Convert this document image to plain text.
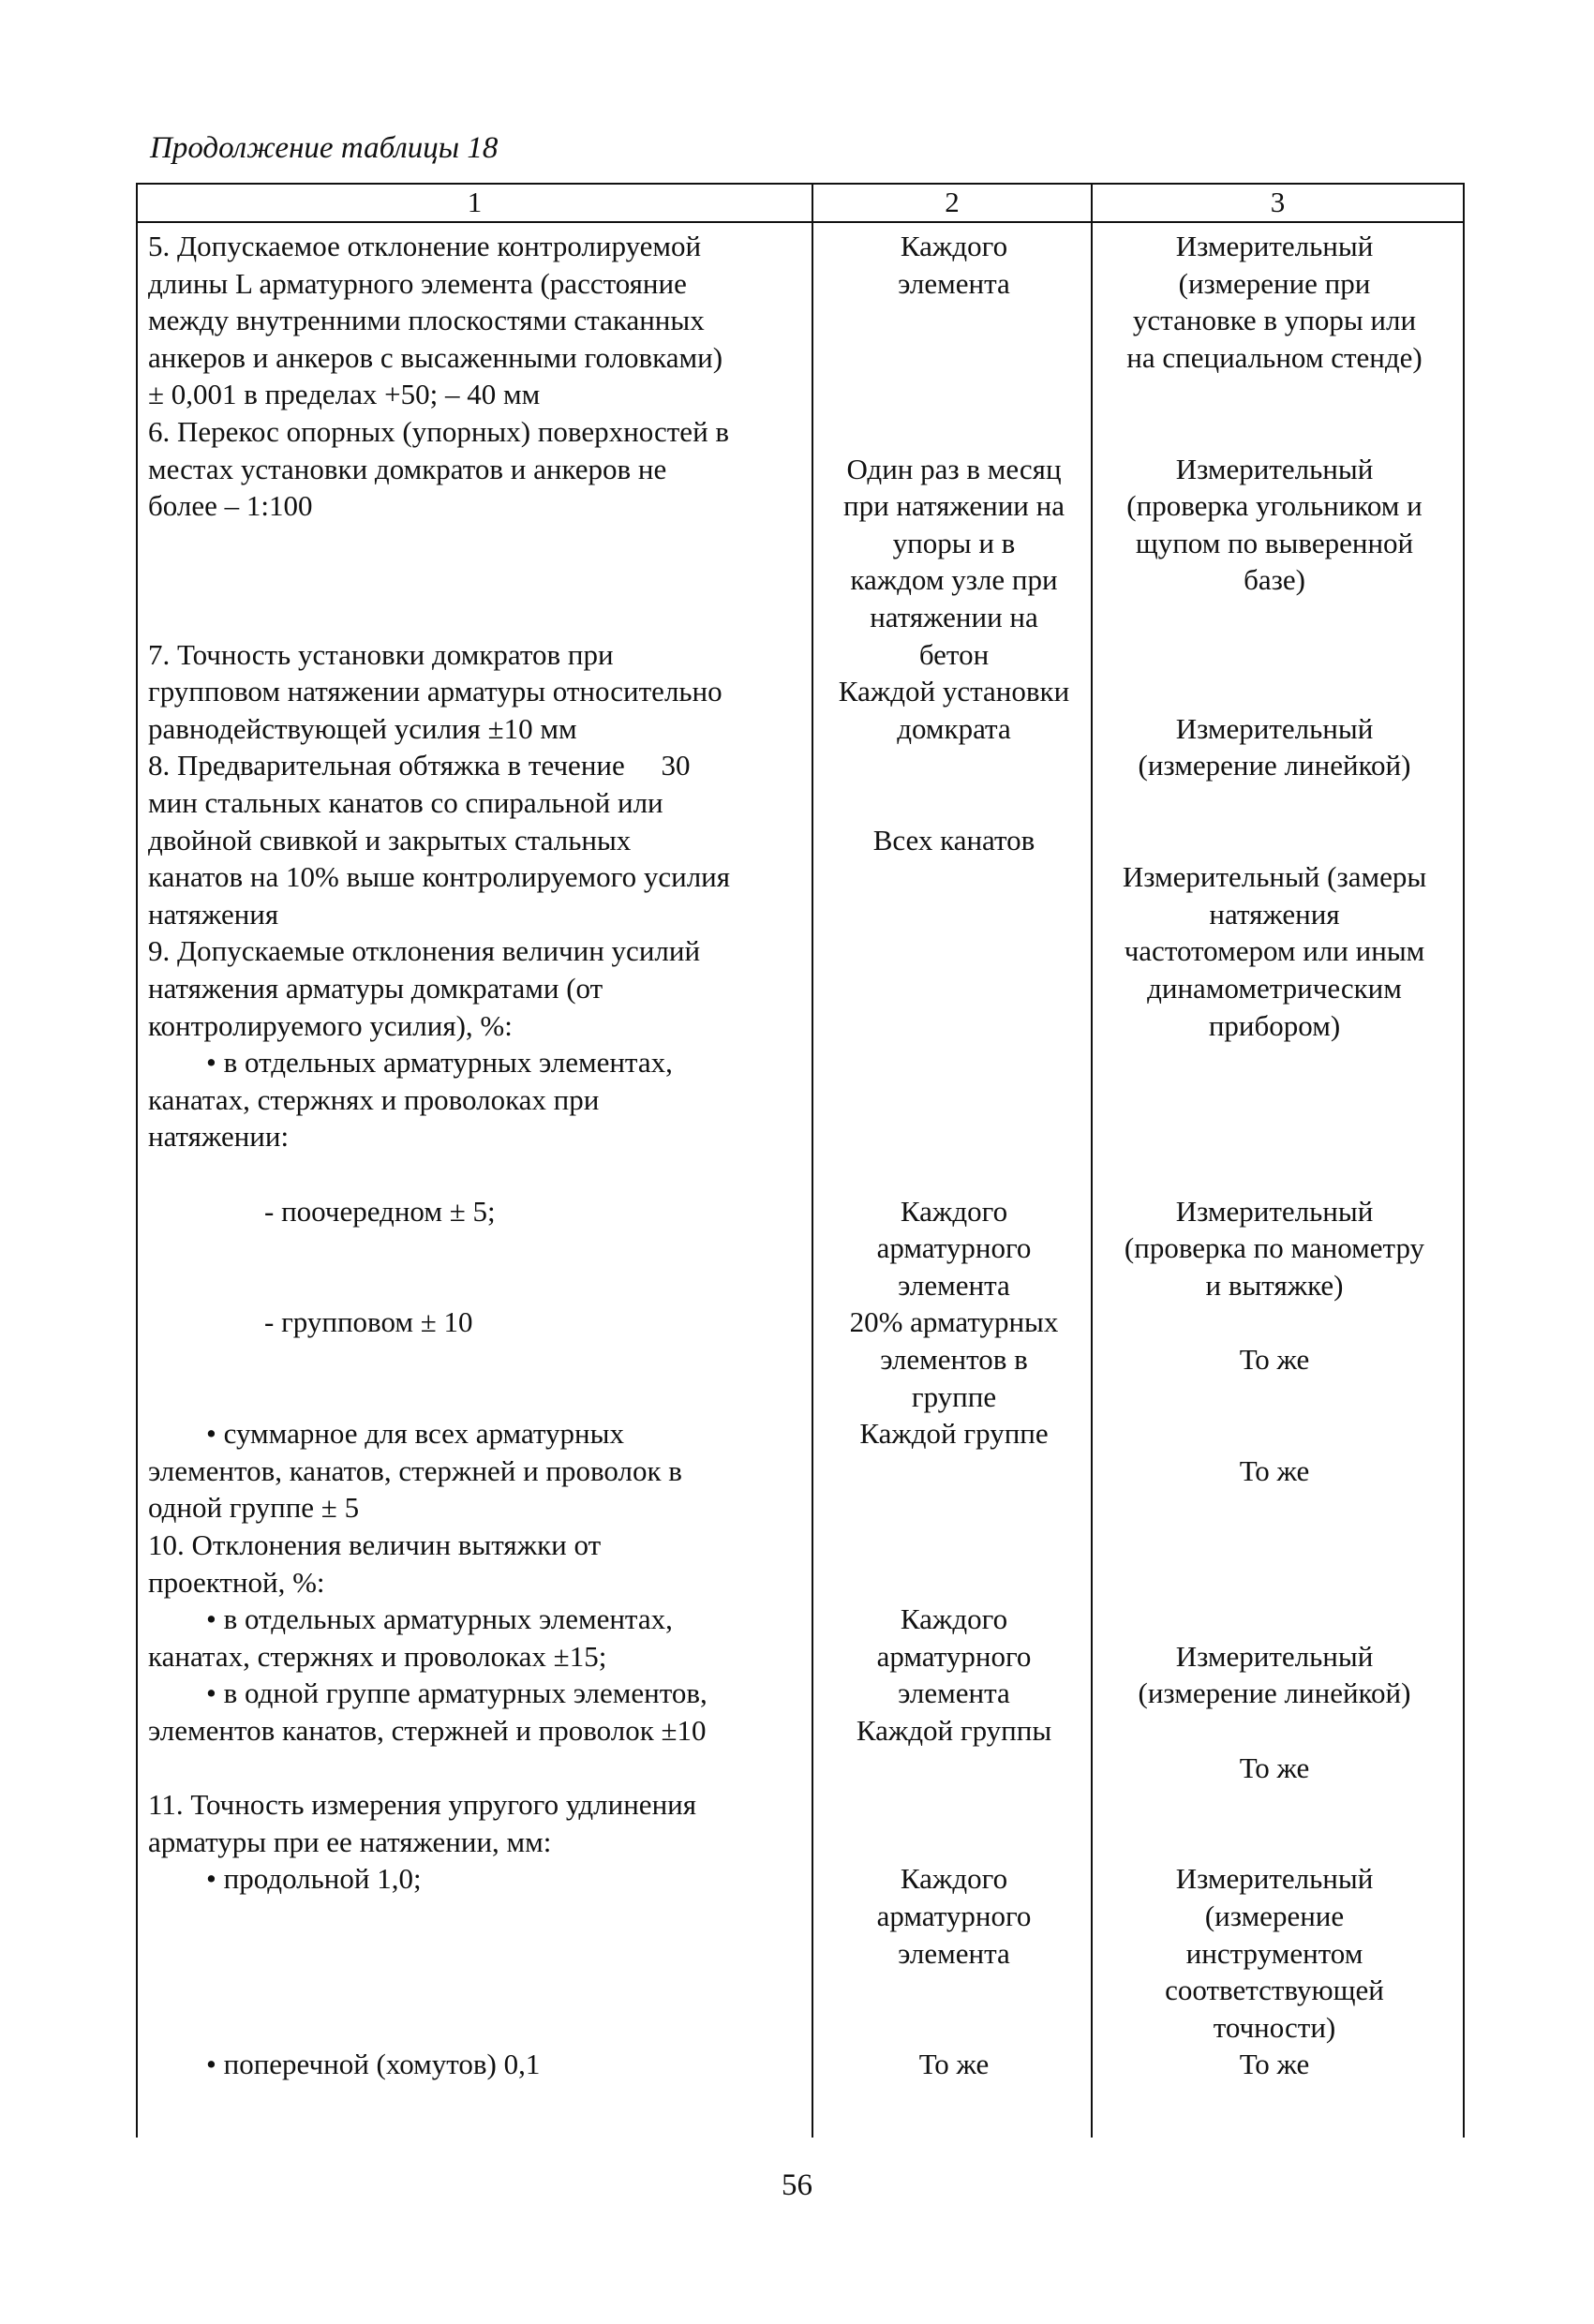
Продолжение таблицы 18
1	2	3
5. Допускаемое отклонение контролируемой
длины L арматурного элемента (расстояние
между внутренними плоскостями стаканных
анкеров и анкеров с высаженными головками)
± 0,001 в пределах +50; – 40 мм
6. Перекос опорных (упорных) поверхностей в
местах установки домкратов и анкеров не
более – 1:100
7. Точность установки домкратов при
групповом натяжении арматуры относительно
равнодействующей усилия ±10 мм
8. Предварительная обтяжка в течение     30
мин стальных канатов со спиральной или
двойной свивкой и закрытых стальных
канатов на 10% выше контролируемого усилия
натяжения
9. Допускаемые отклонения величин усилий
натяжения арматуры домкратами (от
контролируемого усилия), %:
• в отдельных арматурных элементах,
канатах, стержнях и проволоках при
натяжении:
- поочередном ± 5;
- групповом ± 10
• суммарное для всех арматурных
элементов, канатов, стержней и проволок в
одной группе ± 5
10. Отклонения величин вытяжки от
проектной, %:
• в отдельных арматурных элементах,
канатах, стержнях и проволоках ±15;
• в одной группе арматурных элементов,
элементов канатов, стержней и проволок ±10
11. Точность измерения упругого удлинения
арматуры при ее натяжении, мм:
• продольной 1,0;
• поперечной (хомутов) 0,1
Каждого
элемента
Один раз в месяц
при натяжении на
упоры и в
каждом узле при
натяжении на
бетон
Каждой установки
домкрата
Всех канатов
Каждого
арматурного
элемента
20% арматурных
элементов в
группе
Каждой группе
Каждого
арматурного
элемента
Каждой группы
Каждого
арматурного
элемента
То же
Измерительный
(измерение при
установке в упоры или
на специальном стенде)
Измерительный
(проверка угольником и
щупом по выверенной
базе)
Измерительный
(измерение линейкой)
Измерительный (замеры
натяжения
частотомером или иным
динамометрическим
прибором)
Измерительный
(проверка по манометру
и вытяжке)
То же
То же
Измерительный
(измерение линейкой)
То же
Измерительный
(измерение
инструментом
соответствующей
точности)
То же
56
